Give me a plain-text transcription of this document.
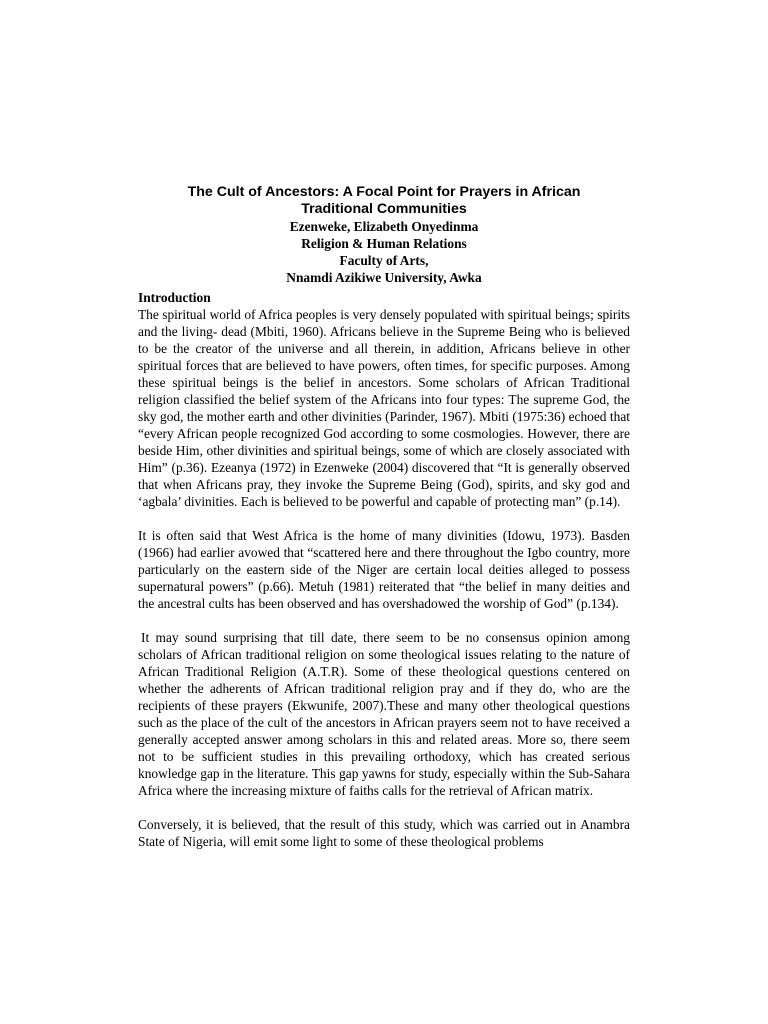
The Cult of Ancestors: A Focal Point for Prayers in African

Traditional Communities

Ezenweke, Elizabeth Onyedinma

Religion & Human Relations

Faculty of Arts,

Nnamdi Azikiwe University, Awka

Introduction

The spiritual world of Africa peoples is very densely populated with spiritual beings; spirits and the living- dead (Mbiti, 1960). Africans believe in the Supreme Being who is believed to be the creator of the universe and all therein, in addition, Africans believe in other spiritual forces that are believed to have powers, often times, for specific purposes. Among these spiritual beings is the belief in ancestors. Some scholars of African Traditional religion classified the belief system of the Africans into four types: The supreme God, the sky god, the mother earth and other divinities (Parinder, 1967). Mbiti (1975:36) echoed that “every African people recognized God according to some cosmologies. However, there are beside Him, other divinities and spiritual beings, some of which are closely associated with Him” (p.36). Ezeanya (1972) in Ezenweke (2004) discovered that “It is generally observed that when Africans pray, they invoke the Supreme Being (God), spirits, and sky god and ‘agbala’ divinities. Each is believed to be powerful and capable of protecting man” (p.14).

It is often said that West Africa is the home of many divinities (Idowu, 1973). Basden (1966) had earlier avowed that “scattered here and there throughout the Igbo country, more particularly on the eastern side of the Niger are certain local deities alleged to possess supernatural powers” (p.66). Metuh (1981) reiterated that “the belief in many deities and the ancestral cults has been observed and has overshadowed the worship of God” (p.134).

It may sound surprising that till date, there seem to be no consensus opinion among scholars of African traditional religion on some theological issues relating to the nature of African Traditional Religion (A.T.R). Some of these theological questions centered on whether the adherents of African traditional religion pray and if they do, who are the recipients of these prayers (Ekwunife, 2007).These and many other theological questions such as the place of the cult of the ancestors in African prayers seem not to have received a generally accepted answer among scholars in this and related areas. More so, there seem not to be sufficient studies in this prevailing orthodoxy, which has created serious knowledge gap in the literature. This gap yawns for study, especially within the Sub-Sahara Africa where the increasing mixture of faiths calls for the retrieval of African matrix.

Conversely, it is believed, that the result of this study, which was carried out in Anambra State of Nigeria, will emit some light to some of these theological problems
